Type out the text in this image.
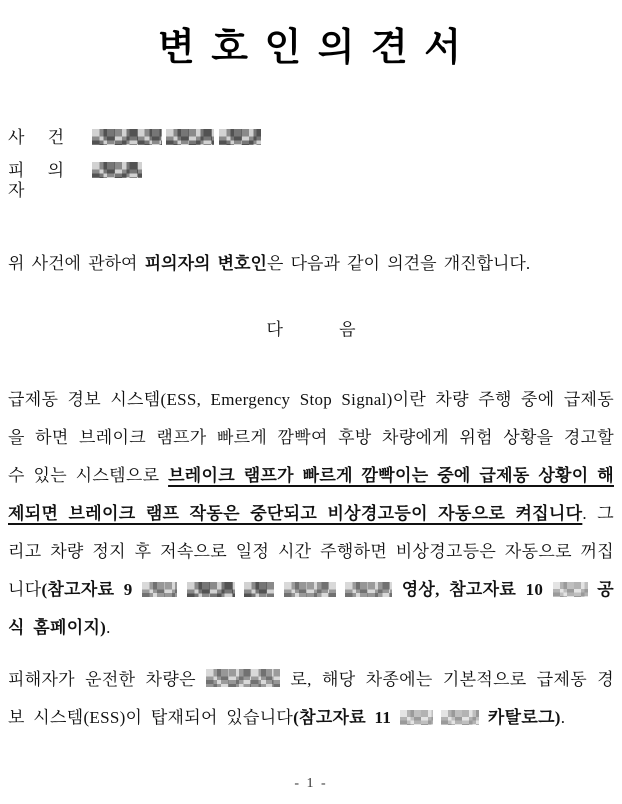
변 호 인 의 견 서
사 건
피 의 자
위 사건에 관하여 피의자의 변호인은 다음과 같이 의견을 개진합니다.
다 음
급제동 경보 시스템(ESS, Emergency Stop Signal)이란 차량 주행 중에 급제동을 하면 브레이크 램프가 빠르게 깜빡여 후방 차량에게 위험 상황을 경고할 수 있는 시스템으로 브레이크 램프가 빠르게 깜빡이는 중에 급제동 상황이 해제되면 브레이크 램프 작동은 중단되고 비상경고등이 자동으로 켜집니다. 그리고 차량 정지 후 저속으로 일정 시간 주행하면 비상경고등은 자동으로 꺼집니다(참고자료 9	영상, 참고자료 10	공식 홈페이지).
피해자가 운전한 차량은	로, 해당 차종에는 기본적으로 급제동 경보 시스템(ESS)이 탑재되어 있습니다(참고자료 11	카탈로그).
- 1 -
